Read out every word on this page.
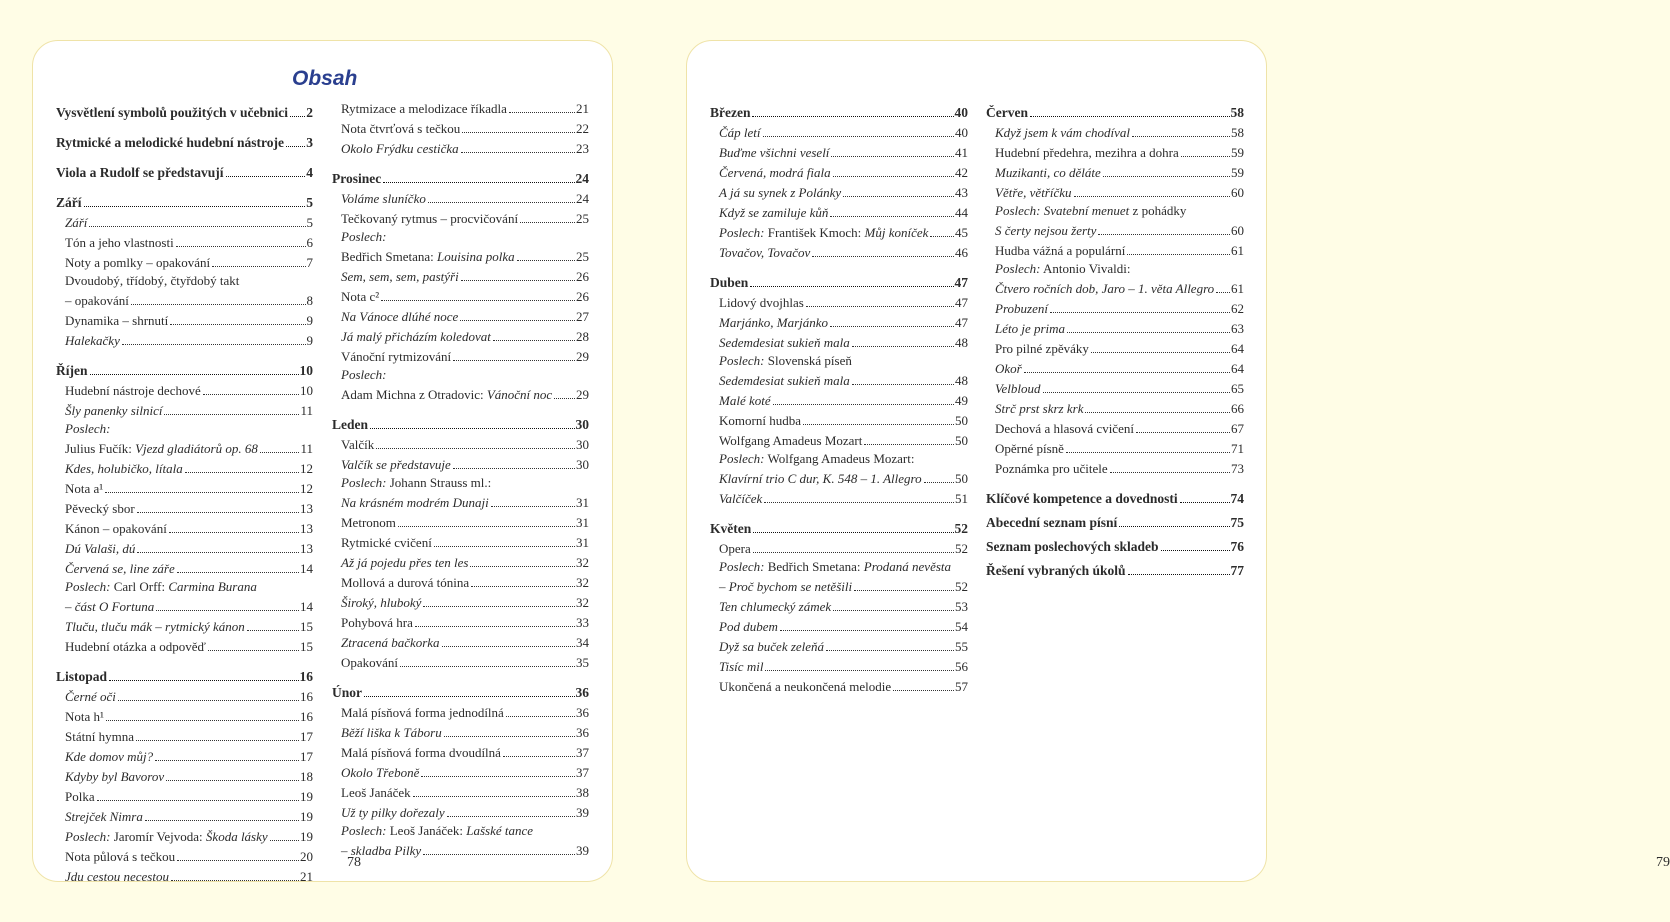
Obsah
Vysvětlení symbolů použitých v učebnici 2
Rytmické a melodické hudební nástroje 3
Viola a Rudolf se představují	4
Září	5
Září	5
Tón a jeho vlastnosti	6
Noty a pomlky – opakování	7
Dvoudobý, třídobý, čtyřdobý takt
– opakování	8
Dynamika – shrnutí	9
Halekačky	9
Říjen	10
Hudební nástroje dechové	10
Šly panenky silnicí	11
Poslech:
Julius Fučík: Vjezd gladiátorů op. 68	11
Kdes, holubičko, lítala	12
Nota a¹	12
Pěvecký sbor	13
Kánon – opakování	13
Dú Valaši, dú	13
Červená se, line záře	14
Poslech: Carl Orff: Carmina Burana
– část O Fortuna	14
Tluču, tluču mák – rytmický kánon	15
Hudební otázka a odpověď	15
Listopad	16
Černé oči	16
Nota h¹	16
Státní hymna	17
Kde domov můj?	17
Kdyby byl Bavorov	18
Polka	19
Strejček Nimra	19
Poslech: Jaromír Vejvoda: Škoda lásky 19
Nota půlová s tečkou	20
Jdu cestou necestou	21
Rytmizace a melodizace říkadla	21
Nota čtvrťová s tečkou	22
Okolo Frýdku cestička	23
Prosinec	24
Voláme sluníčko	24
Tečkovaný rytmus – procvičování	25
Poslech:
Bedřich Smetana: Louisina polka	25
Sem, sem, sem, pastýři	26
Nota c²	26
Na Vánoce dlúhé noce	27
Já malý přicházím koledovat	28
Vánoční rytmizování	29
Poslech:
Adam Michna z Otradovic: Vánoční noc 29
Leden	30
Valčík	30
Valčík se představuje	30
Poslech: Johann Strauss ml.:
Na krásném modrém Dunaji	31
Metronom	31
Rytmické cvičení	31
Až já pojedu přes ten les	32
Mollová a durová tónina	32
Široký, hluboký	32
Pohybová hra	33
Ztracená bačkorka	34
Opakování	35
Únor	36
Malá písňová forma jednodílná	36
Běží liška k Táboru	36
Malá písňová forma dvoudílná	37
Okolo Třeboně	37
Leoš Janáček	38
Už ty pilky dořezaly	39
Poslech: Leoš Janáček: Lašské tance
– skladba Pilky	39
78
Březen	40
Čáp letí	40
Buďme všichni veselí	41
Červená, modrá fiala	42
A já su synek z Polánky	43
Když se zamiluje kůň	44
Poslech: František Kmoch: Můj koníček 45
Tovačov, Tovačov	46
Duben	47
Lidový dvojhlas	47
Marjánko, Marjánko	47
Sedemdesiat sukieň mala	48
Poslech: Slovenská píseň
Sedemdesiat sukieň mala	48
Malé koté	49
Komorní hudba	50
Wolfgang Amadeus Mozart	50
Poslech: Wolfgang Amadeus Mozart:
Klavírní trio C dur, K. 548 – 1. Allegro	50
Valčíček	51
Květen	52
Opera	52
Poslech: Bedřich Smetana: Prodaná nevěsta
– Proč bychom se netěšili	52
Ten chlumecký zámek	53
Pod dubem	54
Dyž sa buček zeleňá	55
Tisíc mil	56
Ukončená a neukončená melodie	57
Červen	58
Když jsem k vám chodíval	58
Hudební předehra, mezihra a dohra	59
Muzikanti, co děláte	59
Větře, větříčku	60
Poslech: Svatební menuet z pohádky
S čerty nejsou žerty	60
Hudba vážná a populární	61
Poslech: Antonio Vivaldi:
Čtvero ročních dob, Jaro – 1. věta Allegro 61
Probuzení	62
Léto je prima	63
Pro pilné zpěváky	64
Okoř	64
Velbloud	65
Strč prst skrz krk	66
Dechová a hlasová cvičení	67
Opěrné písně	71
Poznámka pro učitele	73
Klíčové kompetence a dovednosti	74
Abecední seznam písní	75
Seznam poslechových skladeb	76
Řešení vybraných úkolů	77
79
